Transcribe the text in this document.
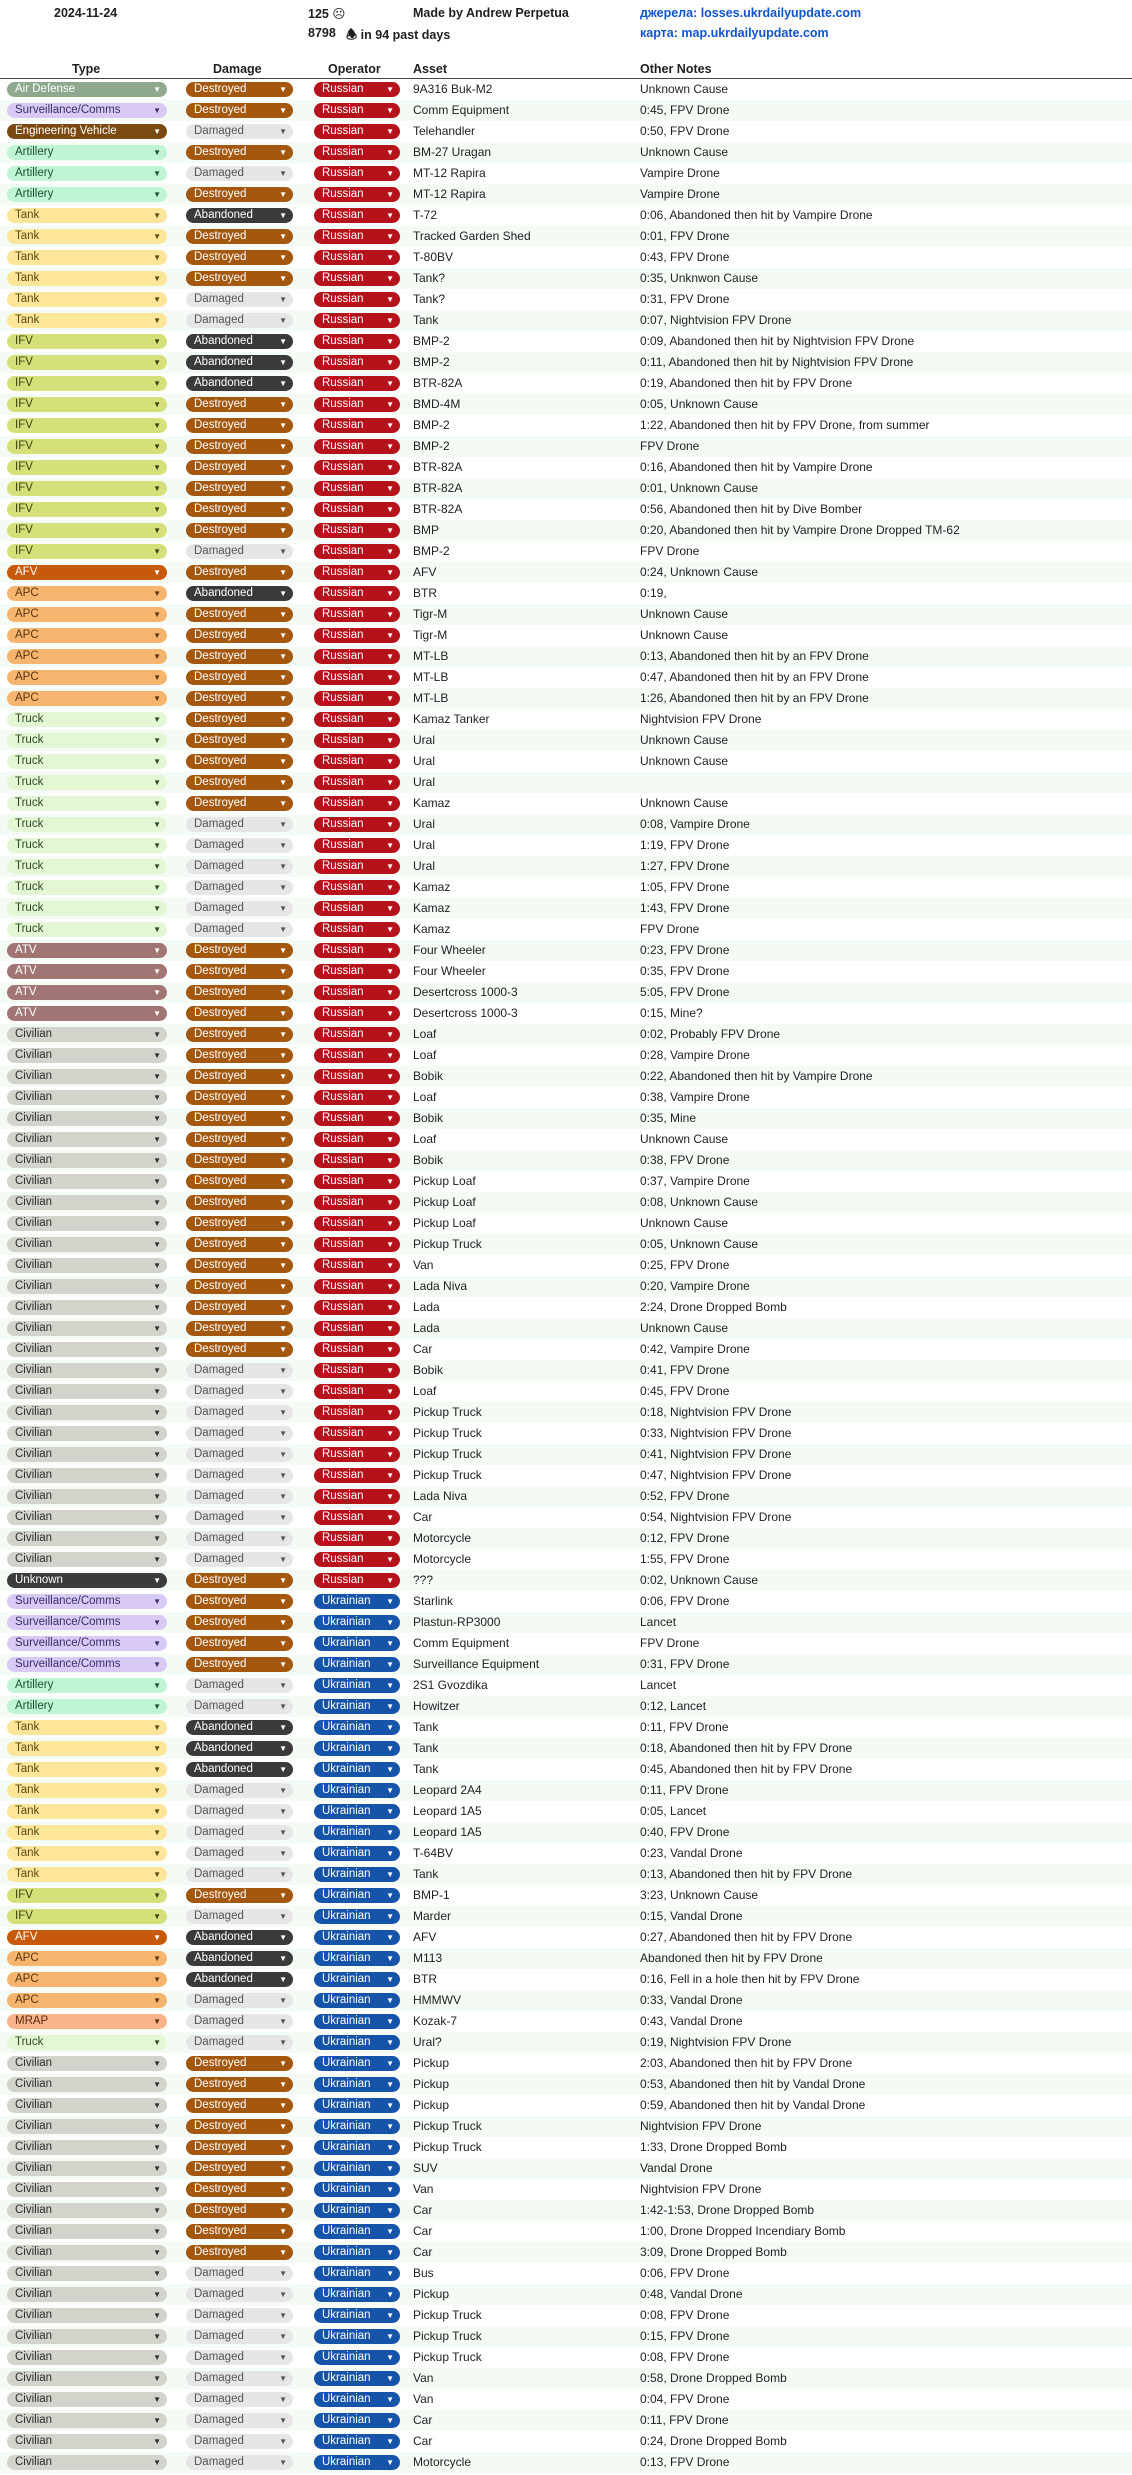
2024-11-24	125 ☹
8798 🕭 in 94 past days
Made by Andrew Perpetua	джерела: losses.ukrdailyupdate.com
карта: map.ukrdailyupdate.com
Type	Damage	Operator	Asset	Other Notes
Air Defense	▼	Destroyed	▼	Russian	▼ 9A316 Buk-M2	Unknown Cause
Surveillance/Comms	▼	Destroyed	▼	Russian	▼ Comm Equipment	0:45, FPV Drone
Engineering Vehicle	▼	Damaged	▼	Russian	▼ Telehandler	0:50, FPV Drone
Artillery	▼	Destroyed	▼	Russian	▼ BM-27 Uragan	Unknown Cause
Artillery	▼	Damaged	▼	Russian	▼ MT-12 Rapira	Vampire Drone
Artillery	▼	Destroyed	▼	Russian	▼ MT-12 Rapira	Vampire Drone
Tank	▼	Abandoned	▼	Russian	▼ T-72	0:06, Abandoned then hit by Vampire Drone
Tank	▼	Destroyed	▼	Russian	▼ Tracked Garden Shed	0:01, FPV Drone
Tank	▼	Destroyed	▼	Russian	▼ T-80BV	0:43, FPV Drone
Tank	▼	Destroyed	▼	Russian	▼ Tank?	0:35, Unknwon Cause
Tank	▼	Damaged	▼	Russian	▼ Tank?	0:31, FPV Drone
Tank	▼	Damaged	▼	Russian	▼ Tank	0:07, Nightvision FPV Drone
IFV	▼	Abandoned	▼	Russian	▼ BMP-2	0:09, Abandoned then hit by Nightvision FPV Drone
IFV	▼	Abandoned	▼	Russian	▼ BMP-2	0:11, Abandoned then hit by Nightvision FPV Drone
IFV	▼	Abandoned	▼	Russian	▼ BTR-82A	0:19, Abandoned then hit by FPV Drone
IFV	▼	Destroyed	▼	Russian	▼ BMD-4M	0:05, Unknown Cause
IFV	▼	Destroyed	▼	Russian	▼ BMP-2	1:22, Abandoned then hit by FPV Drone, from summer
IFV	▼	Destroyed	▼	Russian	▼ BMP-2	FPV Drone
IFV	▼	Destroyed	▼	Russian	▼ BTR-82A	0:16, Abandoned then hit by Vampire Drone
IFV	▼	Destroyed	▼	Russian	▼ BTR-82A	0:01, Unknown Cause
IFV	▼	Destroyed	▼	Russian	▼ BTR-82A	0:56, Abandoned then hit by Dive Bomber
IFV	▼	Destroyed	▼	Russian	▼ BMP	0:20, Abandoned then hit by Vampire Drone Dropped TM-62
IFV	▼	Damaged	▼	Russian	▼ BMP-2	FPV Drone
AFV	▼	Destroyed	▼	Russian	▼ AFV	0:24, Unknown Cause
APC	▼	Abandoned	▼	Russian	▼ BTR	0:19,
APC	▼	Destroyed	▼	Russian	▼ Tigr-M	Unknown Cause
APC	▼	Destroyed	▼	Russian	▼ Tigr-M	Unknown Cause
APC	▼	Destroyed	▼	Russian	▼ MT-LB	0:13, Abandoned then hit by an FPV Drone
APC	▼	Destroyed	▼	Russian	▼ MT-LB	0:47, Abandoned then hit by an FPV Drone
APC	▼	Destroyed	▼	Russian	▼ MT-LB	1:26, Abandoned then hit by an FPV Drone
Truck	▼	Destroyed	▼	Russian	▼ Kamaz Tanker	Nightvision FPV Drone
Truck	▼	Destroyed	▼	Russian	▼ Ural	Unknown Cause
Truck	▼	Destroyed	▼	Russian	▼ Ural	Unknown Cause
Truck	▼	Destroyed	▼	Russian	▼ Ural
Truck	▼	Destroyed	▼	Russian	▼ Kamaz	Unknown Cause
Truck	▼	Damaged	▼	Russian	▼ Ural	0:08, Vampire Drone
Truck	▼	Damaged	▼	Russian	▼ Ural	1:19, FPV Drone
Truck	▼	Damaged	▼	Russian	▼ Ural	1:27, FPV Drone
Truck	▼	Damaged	▼	Russian	▼ Kamaz	1:05, FPV Drone
Truck	▼	Damaged	▼	Russian	▼ Kamaz	1:43, FPV Drone
Truck	▼	Damaged	▼	Russian	▼ Kamaz	FPV Drone
ATV	▼	Destroyed	▼	Russian	▼ Four Wheeler	0:23, FPV Drone
ATV	▼	Destroyed	▼	Russian	▼ Four Wheeler	0:35, FPV Drone
ATV	▼	Destroyed	▼	Russian	▼ Desertcross 1000-3	5:05, FPV Drone
ATV	▼	Destroyed	▼	Russian	▼ Desertcross 1000-3	0:15, Mine?
Civilian	▼	Destroyed	▼	Russian	▼ Loaf	0:02, Probably FPV Drone
Civilian	▼	Destroyed	▼	Russian	▼ Loaf	0:28, Vampire Drone
Civilian	▼	Destroyed	▼	Russian	▼ Bobik	0:22, Abandoned then hit by Vampire Drone
Civilian	▼	Destroyed	▼	Russian	▼ Loaf	0:38, Vampire Drone
Civilian	▼	Destroyed	▼	Russian	▼ Bobik	0:35, Mine
Civilian	▼	Destroyed	▼	Russian	▼ Loaf	Unknown Cause
Civilian	▼	Destroyed	▼	Russian	▼ Bobik	0:38, FPV Drone
Civilian	▼	Destroyed	▼	Russian	▼ Pickup Loaf	0:37, Vampire Drone
Civilian	▼	Destroyed	▼	Russian	▼ Pickup Loaf	0:08, Unknown Cause
Civilian	▼	Destroyed	▼	Russian	▼ Pickup Loaf	Unknown Cause
Civilian	▼	Destroyed	▼	Russian	▼ Pickup Truck	0:05, Unknown Cause
Civilian	▼	Destroyed	▼	Russian	▼ Van	0:25, FPV Drone
Civilian	▼	Destroyed	▼	Russian	▼ Lada Niva	0:20, Vampire Drone
Civilian	▼	Destroyed	▼	Russian	▼ Lada	2:24, Drone Dropped Bomb
Civilian	▼	Destroyed	▼	Russian	▼ Lada	Unknown Cause
Civilian	▼	Destroyed	▼	Russian	▼ Car	0:42, Vampire Drone
Civilian	▼	Damaged	▼	Russian	▼ Bobik	0:41, FPV Drone
Civilian	▼	Damaged	▼	Russian	▼ Loaf	0:45, FPV Drone
Civilian	▼	Damaged	▼	Russian	▼ Pickup Truck	0:18, Nightvision FPV Drone
Civilian	▼	Damaged	▼	Russian	▼ Pickup Truck	0:33, Nightvision FPV Drone
Civilian	▼	Damaged	▼	Russian	▼ Pickup Truck	0:41, Nightvision FPV Drone
Civilian	▼	Damaged	▼	Russian	▼ Pickup Truck	0:47, Nightvision FPV Drone
Civilian	▼	Damaged	▼	Russian	▼ Lada Niva	0:52, FPV Drone
Civilian	▼	Damaged	▼	Russian	▼ Car	0:54, Nightvision FPV Drone
Civilian	▼	Damaged	▼	Russian	▼ Motorcycle	0:12, FPV Drone
Civilian	▼	Damaged	▼	Russian	▼ Motorcycle	1:55, FPV Drone
Unknown	▼	Destroyed	▼	Russian	▼ ???	0:02, Unknown Cause
Surveillance/Comms	▼	Destroyed	▼	Ukrainian ▼ Starlink	0:06, FPV Drone
Surveillance/Comms	▼	Destroyed	▼	Ukrainian ▼ Plastun-RP3000	Lancet
Surveillance/Comms	▼	Destroyed	▼	Ukrainian ▼ Comm Equipment	FPV Drone
Surveillance/Comms	▼	Destroyed	▼	Ukrainian ▼ Surveillance Equipment	0:31, FPV Drone
Artillery	▼	Damaged	▼	Ukrainian ▼ 2S1 Gvozdika	Lancet
Artillery	▼	Damaged	▼	Ukrainian ▼ Howitzer	0:12, Lancet
Tank	▼	Abandoned	▼	Ukrainian ▼ Tank	0:11, FPV Drone
Tank	▼	Abandoned	▼	Ukrainian ▼ Tank	0:18, Abandoned then hit by FPV Drone
Tank	▼	Abandoned	▼	Ukrainian ▼ Tank	0:45, Abandoned then hit by FPV Drone
Tank	▼	Damaged	▼	Ukrainian ▼ Leopard 2A4	0:11, FPV Drone
Tank	▼	Damaged	▼	Ukrainian ▼ Leopard 1A5	0:05, Lancet
Tank	▼	Damaged	▼	Ukrainian ▼ Leopard 1A5	0:40, FPV Drone
Tank	▼	Damaged	▼	Ukrainian ▼ T-64BV	0:23, Vandal Drone
Tank	▼	Damaged	▼	Ukrainian ▼ Tank	0:13, Abandoned then hit by FPV Drone
IFV	▼	Destroyed	▼	Ukrainian ▼ BMP-1	3:23, Unknown Cause
IFV	▼	Damaged	▼	Ukrainian ▼ Marder	0:15, Vandal Drone
AFV	▼	Abandoned	▼	Ukrainian ▼ AFV	0:27, Abandoned then hit by FPV Drone
APC	▼	Abandoned	▼	Ukrainian ▼ M113	Abandoned then hit by FPV Drone
APC	▼	Abandoned	▼	Ukrainian ▼ BTR	0:16, Fell in a hole then hit by FPV Drone
APC	▼	Damaged	▼	Ukrainian ▼ HMMWV	0:33, Vandal Drone
MRAP	▼	Damaged	▼	Ukrainian ▼ Kozak-7	0:43, Vandal Drone
Truck	▼	Damaged	▼	Ukrainian ▼ Ural?	0:19, Nightvision FPV Drone
Civilian	▼	Destroyed	▼	Ukrainian ▼ Pickup	2:03, Abandoned then hit by FPV Drone
Civilian	▼	Destroyed	▼	Ukrainian ▼ Pickup	0:53, Abandoned then hit by Vandal Drone
Civilian	▼	Destroyed	▼	Ukrainian ▼ Pickup	0:59, Abandoned then hit by Vandal Drone
Civilian	▼	Destroyed	▼	Ukrainian ▼ Pickup Truck	Nightvision FPV Drone
Civilian	▼	Destroyed	▼	Ukrainian ▼ Pickup Truck	1:33, Drone Dropped Bomb
Civilian	▼	Destroyed	▼	Ukrainian ▼ SUV	Vandal Drone
Civilian	▼	Destroyed	▼	Ukrainian ▼ Van	Nightvision FPV Drone
Civilian	▼	Destroyed	▼	Ukrainian ▼ Car	1:42-1:53, Drone Dropped Bomb
Civilian	▼	Destroyed	▼	Ukrainian ▼ Car	1:00, Drone Dropped Incendiary Bomb
Civilian	▼	Destroyed	▼	Ukrainian ▼ Car	3:09, Drone Dropped Bomb
Civilian	▼	Damaged	▼	Ukrainian ▼ Bus	0:06, FPV Drone
Civilian	▼	Damaged	▼	Ukrainian ▼ Pickup	0:48, Vandal Drone
Civilian	▼	Damaged	▼	Ukrainian ▼ Pickup Truck	0:08, FPV Drone
Civilian	▼	Damaged	▼	Ukrainian ▼ Pickup Truck	0:15, FPV Drone
Civilian	▼	Damaged	▼	Ukrainian ▼ Pickup Truck	0:08, FPV Drone
Civilian	▼	Damaged	▼	Ukrainian ▼ Van	0:58, Drone Dropped Bomb
Civilian	▼	Damaged	▼	Ukrainian ▼ Van	0:04, FPV Drone
Civilian	▼	Damaged	▼	Ukrainian ▼ Car	0:11, FPV Drone
Civilian	▼	Damaged	▼	Ukrainian ▼ Car	0:24, Drone Dropped Bomb
Civilian	▼	Damaged	▼	Ukrainian ▼ Motorcycle	0:13, FPV Drone
